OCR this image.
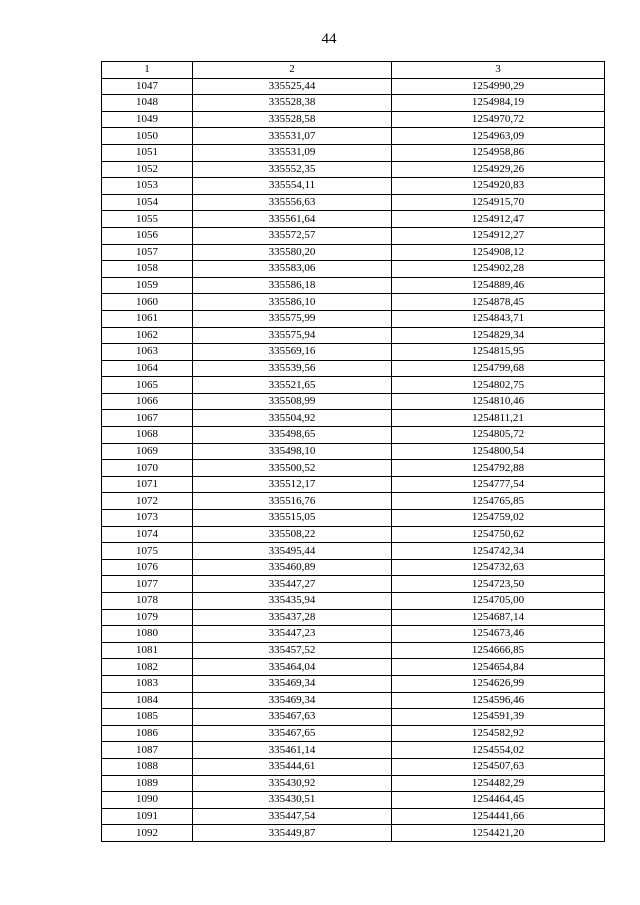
44
1	2	3
1047	335525,44	1254990,29
1048	335528,38	1254984,19
1049	335528,58	1254970,72
1050	335531,07	1254963,09
1051	335531,09	1254958,86
1052	335552,35	1254929,26
1053	335554,11	1254920,83
1054	335556,63	1254915,70
1055	335561,64	1254912,47
1056	335572,57	1254912,27
1057	335580,20	1254908,12
1058	335583,06	1254902,28
1059	335586,18	1254889,46
1060	335586,10	1254878,45
1061	335575,99	1254843,71
1062	335575,94	1254829,34
1063	335569,16	1254815,95
1064	335539,56	1254799,68
1065	335521,65	1254802,75
1066	335508,99	1254810,46
1067	335504,92	1254811,21
1068	335498,65	1254805,72
1069	335498,10	1254800,54
1070	335500,52	1254792,88
1071	335512,17	1254777,54
1072	335516,76	1254765,85
1073	335515,05	1254759,02
1074	335508,22	1254750,62
1075	335495,44	1254742,34
1076	335460,89	1254732,63
1077	335447,27	1254723,50
1078	335435,94	1254705,00
1079	335437,28	1254687,14
1080	335447,23	1254673,46
1081	335457,52	1254666,85
1082	335464,04	1254654,84
1083	335469,34	1254626,99
1084	335469,34	1254596,46
1085	335467,63	1254591,39
1086	335467,65	1254582,92
1087	335461,14	1254554,02
1088	335444,61	1254507,63
1089	335430,92	1254482,29
1090	335430,51	1254464,45
1091	335447,54	1254441,66
1092	335449,87	1254421,20
